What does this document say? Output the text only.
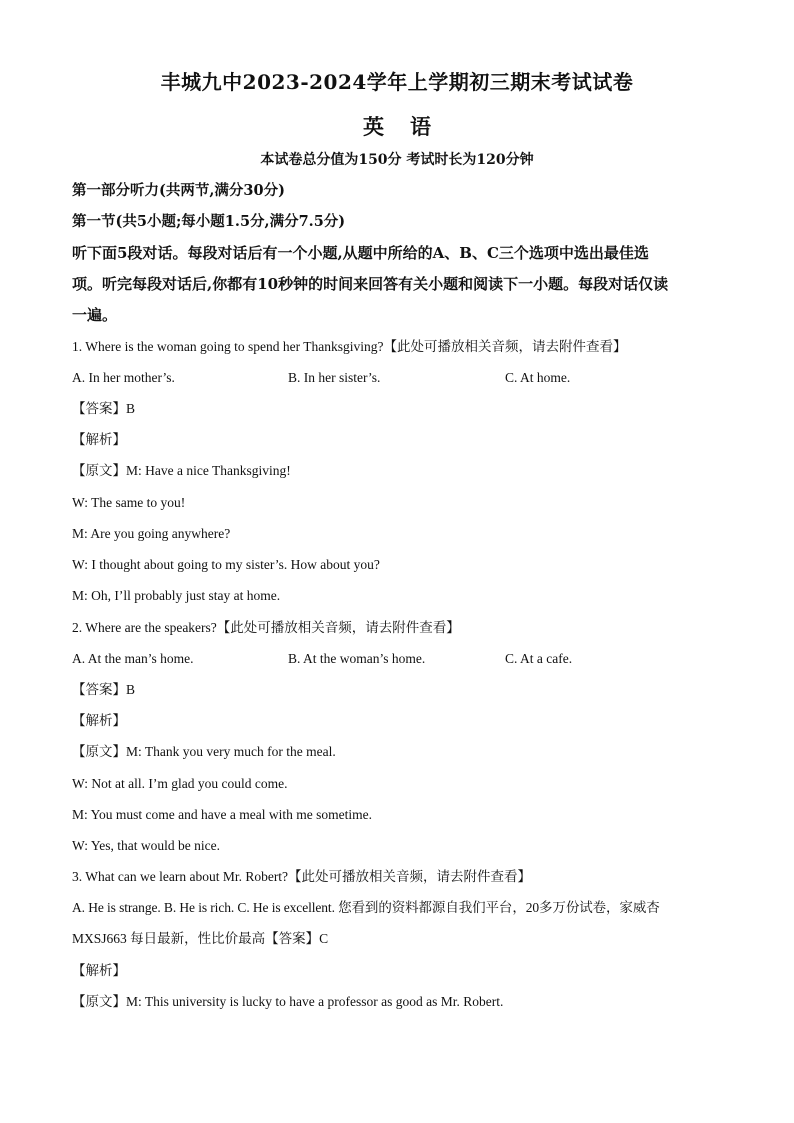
丰城九中2023-2024学年上学期初三期末考试试卷
英语
本试卷总分值为150分 考试时长为120分钟
第一部分听力(共两节,满分30分)
第一节(共5小题;每小题1.5分,满分7.5分)
听下面5段对话。每段对话后有一个小题,从题中所给的A、B、C三个选项中选出最佳选
项。听完每段对话后,你都有10秒钟的时间来回答有关小题和阅读下一小题。每段对话仅读
一遍。
1. Where is the woman going to spend her Thanksgiving?【此处可播放相关音频，请去附件查看】
A. In her mother’s.	B. In her sister’s.	C. At home.
【答案】B
【解析】
【原文】M: Have a nice Thanksgiving!
W: The same to you!
M: Are you going anywhere?
W: I thought about going to my sister’s. How about you?
M: Oh, I’ll probably just stay at home.
2. Where are the speakers?【此处可播放相关音频，请去附件查看】
A. At the man’s home.	B. At the woman’s home.	C. At a cafe.
【答案】B
【解析】
【原文】M: Thank you very much for the meal.
W: Not at all. I’m glad you could come.
M: You must come and have a meal with me sometime.
W: Yes, that would be nice.
3. What can we learn about Mr. Robert?【此处可播放相关音频，请去附件查看】
A. He is strange. B. He is rich. C. He is excellent. 您看到的资料都源自我们平台，20多万份试卷，家威杏
MXSJ663 每日最新，性比价最高【答案】C
【解析】
【原文】M: This university is lucky to have a professor as good as Mr. Robert.
